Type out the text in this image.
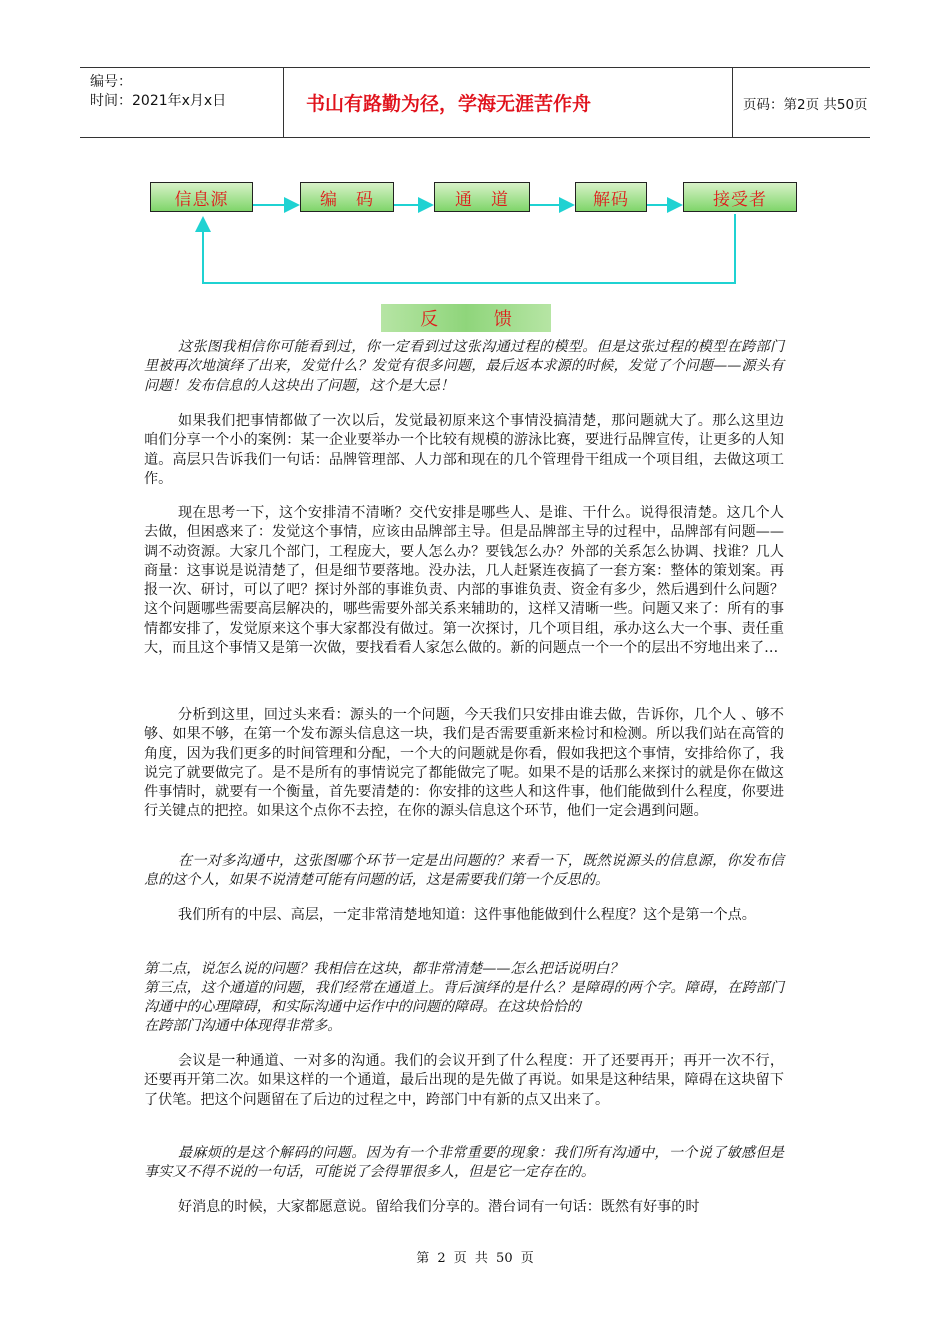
编号：
时间：2021年x月x日	书山有路勤为径，学海无涯苦作舟	页码：第2页 共50页
信息源	编　码	通　道	解码	接受者
反 馈
这张图我相信你可能看到过，你一定看到过这张沟通过程的模型。但是这张过程的模型在跨部门里被再次地演绎了出来，发觉什么？发觉有很多问题，最后返本求源的时候，发觉了个问题——源头有问题！发布信息的人这块出了问题，这个是大忌！
如果我们把事情都做了一次以后，发觉最初原来这个事情没搞清楚，那问题就大了。那么这里边咱们分享一个小的案例：某一企业要举办一个比较有规模的游泳比赛，要进行品牌宣传，让更多的人知道。高层只告诉我们一句话：品牌管理部、人力部和现在的几个管理骨干组成一个项目组，去做这项工作。
现在思考一下，这个安排清不清晰？交代安排是哪些人、是谁、干什么。说得很清楚。这几个人去做，但困惑来了：发觉这个事情，应该由品牌部主导。但是品牌部主导的过程中，品牌部有问题——调不动资源。大家几个部门，工程庞大，要人怎么办？要钱怎么办？外部的关系怎么协调、找谁？几人商量：这事说是说清楚了，但是细节要落地。没办法，几人赶紧连夜搞了一套方案：整体的策划案。再报一次、研讨，可以了吧？探讨外部的事谁负责、内部的事谁负责、资金有多少，然后遇到什么问题？这个问题哪些需要高层解决的，哪些需要外部关系来辅助的，这样又清晰一些。问题又来了：所有的事情都安排了，发觉原来这个事大家都没有做过。第一次探讨，几个项目组，承办这么大一个事、责任重大，而且这个事情又是第一次做，要找看看人家怎么做的。新的问题点一个一个的层出不穷地出来了…
分析到这里，回过头来看：源头的一个问题，今天我们只安排由谁去做，告诉你，几个人 、够不够、如果不够，在第一个发布源头信息这一块，我们是否需要重新来检讨和检测。所以我们站在高管的角度，因为我们更多的时间管理和分配，一个大的问题就是你看，假如我把这个事情，安排给你了，我说完了就要做完了。是不是所有的事情说完了都能做完了呢。如果不是的话那么来探讨的就是你在做这件事情时，就要有一个衡量，首先要清楚的：你安排的这些人和这件事，他们能做到什么程度，你要进行关键点的把控。如果这个点你不去控，在你的源头信息这个环节，他们一定会遇到问题。
在一对多沟通中，这张图哪个环节一定是出问题的？来看一下，既然说源头的信息源，你发布信息的这个人，如果不说清楚可能有问题的话，这是需要我们第一个反思的。
我们所有的中层、高层，一定非常清楚地知道：这件事他能做到什么程度？这个是第一个点。
第二点，说怎么说的问题？我相信在这块，都非常清楚——怎么把话说明白？
第三点，这个通道的问题，我们经常在通道上。背后演绎的是什么？是障碍的两个字。障碍，在跨部门沟通中的心理障碍，和实际沟通中运作中的问题的障碍。在这块恰恰的
在跨部门沟通中体现得非常多。
会议是一种通道、一对多的沟通。我们的会议开到了什么程度：开了还要再开；再开一次不行，还要再开第二次。如果这样的一个通道，最后出现的是先做了再说。如果是这种结果，障碍在这块留下了伏笔。把这个问题留在了后边的过程之中，跨部门中有新的点又出来了。
最麻烦的是这个解码的问题。因为有一个非常重要的现象：我们所有沟通中，一个说了敏感但是事实又不得不说的一句话，可能说了会得罪很多人，但是它一定存在的。
好消息的时候，大家都愿意说。留给我们分享的。潜台词有一句话：既然有好事的时
第 2 页 共 50 页
